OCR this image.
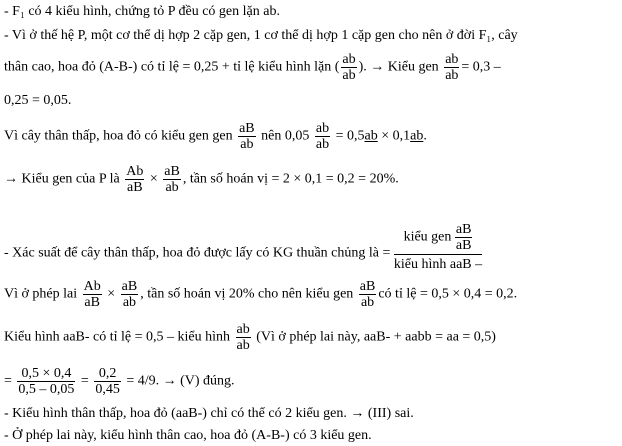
- F₁ có 4 kiểu hình, chứng tỏ P đều có gen lặn ab.
- Vì ở thế hệ P, một cơ thể dị hợp 2 cặp gen, 1 cơ thể dị hợp 1 cặp gen cho nên ở đời F₁, cây
thân cao, hoa đỏ (A-B-) có tỉ lệ = 0,25 + tỉ lệ kiểu hình lặn ( $\frac{ab}{ab}$ ). → Kiểu gen $\frac{ab}{ab} = 0,3$ –
0,25 = 0,05.
Vì cây thân thấp, hoa đỏ có kiểu gen gen $\frac{aB}{ab}$ nên $0,05 \frac{ab}{ab} = 0,5ab \times 0,1ab$.
→ Kiểu gen của P là $\frac{Ab}{aB} \times \frac{aB}{ab}$ , tần số hoán vị = 2 × 0,1 = 0,2 = 20%.
- Xác suất để cây thân thấp, hoa đỏ được lấy có KG thuần chủng là = $\frac{kiểu gen \frac{aB}{aB}}{\text{kiểu hình aaB –}}$
Vì ở phép lai $\frac{Ab}{aB} \times \frac{aB}{ab}$ , tần số hoán vị 20% cho nên kiểu gen $\frac{aB}{ab}$ có tỉ lệ = 0,5 × 0,4 = 0,2.
Kiểu hình aaB- có tỉ lệ = 0,5 – kiểu hình $\frac{ab}{ab}$ (Vì ở phép lai này, aaB- + aabb = aa = 0,5)
= $\frac{0,5 \times 0,4}{0,5 - 0,05} = \frac{0,2}{0,45} = 4/9$. → (V) đúng.
- Kiểu hình thân thấp, hoa đỏ (aaB-) chỉ có thể có 2 kiểu gen. → (III) sai.
- Ở phép lai này, kiểu hình thân cao, hoa đỏ (A-B-) có 3 kiểu gen.
